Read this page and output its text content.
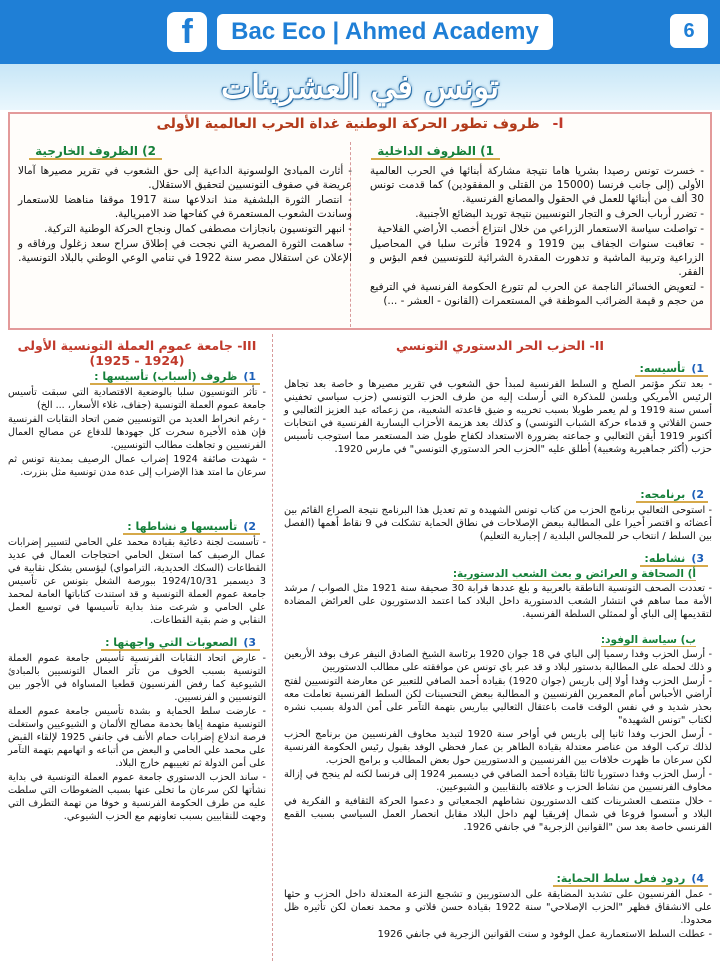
f	Bac Eco | Ahmed Academy	6
تونس في العشرينات
I- ظروف تطور الحركة الوطنية غداة الحرب العالمية الأولى
1) الظروف الداخلية
2) الظروف الخارجية

- خسرت تونس رصيدا بشريا هاما نتيجة مشاركة أبنائها في الحرب العالمية الأولى (إلى جانب فرنسا (15000 من القتلى و المفقودين) كما قدمت تونس 30 ألف من أبنائها للعمل في الحقول والمصانع الفرنسية.

- تضرر أرباب الحرف و التجار التونسيين نتيجة توريد البضائع الأجنبية.

- تواصلت سياسة الاستعمار الزراعي من خلال انتزاع أخصب الأراضي الفلاحية

- تعاقبت سنوات الجفاف بين 1919 و 1924 فأثرت سلبا في المحاصيل الزراعية وتربية الماشية و تدهورت المقدرة الشرائية للتونسيين فعم البؤس و الفقر.

- لتعويض الخسائر الناجمة عن الحرب لم تتورع الحكومة الفرنسية في الترفيع من حجم و قيمة الضرائب الموظفة في المستعمرات (القانون - العشر - ...)

- أثارت المبادئ الولسونية الداعية إلى حق الشعوب في تقرير مصيرها آمالا عريضة في صفوف التونسيين لتحقيق الاستقلال.

- انتصار الثورة البلشفية منذ اندلاعها سنة 1917 موقفا مناهضا للاستعمار وساندت الشعوب المستعمرة في كفاحها ضد الامبريالية.

- انبهر التونسيون بانجازات مصطفى كمال ونجاح الحركة الوطنية التركية.

- ساهمت الثورة المصرية التي نجحت في إطلاق سراح سعد زغلول ورفاقه و الإعلان عن استقلال مصر سنة 1922 في تنامي الوعي الوطني بالبلاد التونسية.

II- الحزب الحر الدستوري التونسي
1)تأسيسه:

- بعد تنكر مؤتمر الصلح و السلط الفرنسية لمبدأ حق الشعوب في تقرير مصيرها و خاصة بعد تجاهل الرئيس الأمريكي ويلسن للمذكرة التي أرسلت إليه من طرف الحزب التونسي (حزب سياسي تخفيني أسس سنة 1919 و لم يعمر طويلا بسبب تخريبه و ضيق قاعدته الشعبية، من زعمائه عبد العزيز الثعالبي و حسن القلاتي و قدماء حركة الشباب التونسي) و كذلك بعد هزيمة الأحزاب اليسارية الفرنسية في انتخابات أكتوبر 1919 أيقن الثعالبي و جماعته بضرورة الاستعداد لكفاح طويل ضد المستعمر مما استوجب تأسيس حزب (أكثر جماهيرية وشعبية) أطلق عليه "الحزب الحر الدستوري التونسي" في مارس 1920.

2)برنامجه:

- استوحى الثعالبي برنامج الحزب من كتاب تونس الشهيدة و تم تعديل هذا البرنامج نتيجة الصراع القائم بين أعضائه و اقتصر أخيرا على المطالبة ببعض الإصلاحات في نطاق الحماية تشكلت في 9 نقاط أهمها (الفصل بين السلط / انتخاب حر للمجالس البلدية / إجبارية التعليم)

3)نشاطه:
أ) الصحافة و العرائض و بعث الشعب الدستورية:

- تعددت الصحف التونسية الناطقة بالعربية و بلغ عددها قرابة 30 صحيفة سنة 1921 مثل الصواب / مرشد الأمة مما ساهم في انتشار الشعب الدستورية داخل البلاد كما اعتمد الدستوريون على العرائض المضادة لتقديمها إلى الباي أو لممثلي السلطة الفرنسية.

ب) سياسة الوفود:

- أرسل الحزب وفدا رسميا إلى الباي في 18 جوان 1920 برئاسة الشيخ الصادق النيفر عرف بوفد الأربعين و ذلك لحمله على المطالبة بدستور لبلاد و قد عبر باي تونس عن موافقته على مطالب الدستوريين

- أرسل الحزب وفدا أولا إلى باريس (جوان 1920) بقيادة أحمد الصافي للتعبير عن معارضة التونسيين لفتح أراضي الأحباس أمام المعمرين الفرنسيين و المطالبة ببعض التحسينات لكن السلط الفرنسية تعاملت معه بحذر شديد و في نفس الوقت قامت باعتقال الثعالبي بباريس بتهمة التآمر على أمن الدولة بسبب نشره لكتاب "تونس الشهيدة"

- أرسل الحزب وفدا ثانيا إلى باريس في أواخر سنة 1920 لتبديد مخاوف الفرنسيين من برنامج الحزب لذلك تركب الوفد من عناصر معتدلة بقيادة الطاهر بن عمار فحظي الوفد بقبول رئيس الحكومة الفرنسية لكن سرعان ما ظهرت خلافات بين الفرنسيين و الدستوريين حول بعض المطالب و برامج الحزب.

- أرسل الحزب وفدا دستوريا ثالثا بقيادة أحمد الصافي في ديسمبر 1924 إلى فرنسا لكنه لم ينجح في إزالة مخاوف الفرنسيين من نشاط الحزب و علاقته بالنقابيين و الشيوعيين.

- خلال منتصف العشرينات كثف الدستوريون نشاطهم الجمعياتي و دعموا الحركة الثقافية و الفكرية في البلاد و أسسوا فروعا في شمال إفريقيا لهم داخل البلاد مقابل انحصار العمل السياسي بسبب القمع الفرنسي خاصة بعد سن "القوانين الزجرية" في جانفي 1926.

4)ردود فعل سلط الحماية:

- عمل الفرنسيون على تشديد المضايقة على الدستوريين و تشجيع النزعة المعتدلة داخل الحزب و حثها على الانشقاق فظهر "الحزب الإصلاحي" سنة 1922 بقيادة حسن قلاتي و محمد نعمان لكن تأثيره ظل محدودا.

- عطلت السلط الاستعمارية عمل الوفود و سنت القوانين الزجرية في جانفي 1926

III- جامعة عموم العملة التونسية الأولى (1924 - 1925)
1)ظروف (أسباب) تأسيسها :

- تأثر التونسيون سلبا بالوضعية الاقتصادية التي سبقت تأسيس جامعة عموم العملة التونسية (جفاف، غلاء الأسعار، ... الخ)

- رغم انخراط العديد من التونسيين ضمن اتحاد النقابات الفرنسية فإن هذه الأخيرة سخرت كل جهودها للدفاع عن مصالح العمال الفرنسيين و تجاهلت مطالب التونسيين.

- شهدت صائفة 1924 إضراب عمال الرصيف بمدينة تونس ثم سرعان ما امتد هذا الإضراب إلى عدة مدن تونسية مثل بنزرت.

2)تأسيسها و نشاطها :

- تأسست لجنة دعائية بقيادة محمد علي الحامي لتسيير إضرابات عمال الرصيف كما استغل الحامي احتجاجات العمال في عديد القطاعات (السكك الحديدية، الترامواي) ليؤسس بشكل نقابية في 3 ديسمبر 1924/10/31 ببورصة الشغل بتونس عن تأسيس جامعة عموم العملة التونسية و قد استندت كتاباتها العامة لمحمد علي الحامي و شرعت منذ بداية تأسيسها في توسيع العمل النقابي و ضم بقية القطاعات.

3)الصعوبات التي واجهتها :

- عارض اتحاد النقابات الفرنسية تأسيس جامعة عموم العملة التونسية بسبب الخوف من تأثر العمال التونسيين بالمبادئ الشيوعية كما رفض الفرنسيون قطعيا المساواة في الأجور بين التونسيين و الفرنسيين.

- عارضت سلط الحماية و بشدة تأسيس جامعة عموم العملة التونسية متهمة إياها بخدمة مصالح الألمان و الشيوعيين واستغلت فرصة اندلاع إضرابات حمام الأنف في جانفي 1925 لإلقاء القبض على محمد علي الحامي و البعض من أتباعه و اتهامهم بتهمة التآمر على أمن الدولة ثم تغييبهم خارج البلاد.

- ساند الحزب الدستوري جامعة عموم العملة التونسية في بداية نشأتها لكن سرعان ما تخلى عنها بسبب الضغوطات التي سلطت عليه من طرف الحكومة الفرنسية و خوفا من تهمة التطرف التي وجهت للنقابيين بسبب تعاونهم مع الحزب الشيوعي.
